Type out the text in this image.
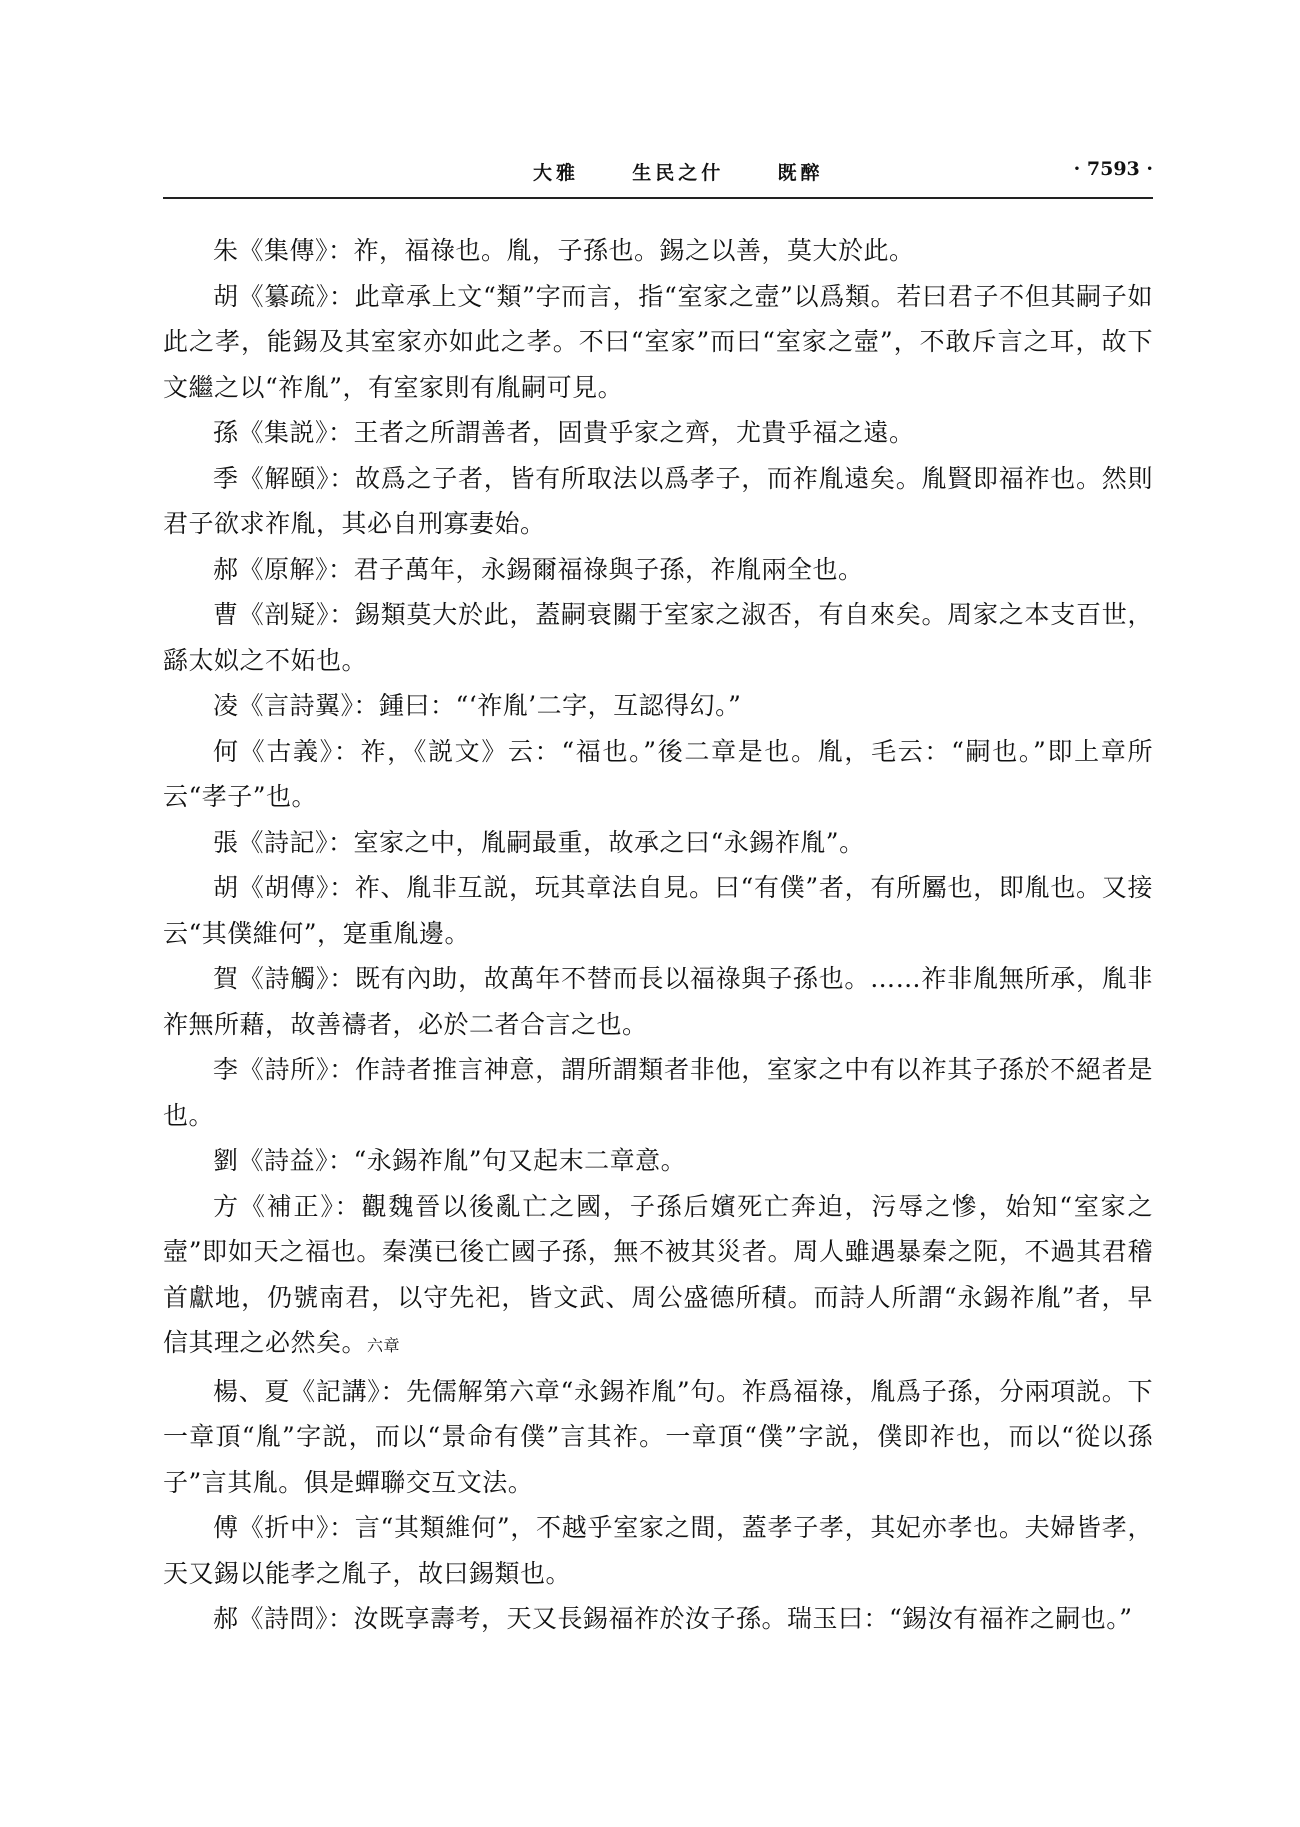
大雅  生民之什  既醉	· 7593 ·

朱《集傳》：祚，福祿也。胤，子孫也。錫之以善，莫大於此。

胡《纂疏》：此章承上文“類”字而言，指“室家之壼”以爲類。若曰君子不但其嗣子如此之孝，能錫及其室家亦如此之孝。不曰“室家”而曰“室家之壼”，不敢斥言之耳，故下文繼之以“祚胤”，有室家則有胤嗣可見。

孫《集説》：王者之所謂善者，固貴乎家之齊，尤貴乎福之遠。

季《解頤》：故爲之子者，皆有所取法以爲孝子，而祚胤遠矣。胤賢即福祚也。然則君子欲求祚胤，其必自刑寡妻始。

郝《原解》：君子萬年，永錫爾福祿與子孫，祚胤兩全也。

曹《剖疑》：錫類莫大於此，蓋嗣衰關于室家之淑否，有自來矣。周家之本支百世，繇太姒之不妬也。

凌《言詩翼》：鍾曰：“‘祚胤’二字，互認得幻。”

何《古義》：祚，《説文》云：“福也。”後二章是也。胤，毛云：“嗣也。”即上章所云“孝子”也。

張《詩記》：室家之中，胤嗣最重，故承之曰“永錫祚胤”。

胡《胡傳》：祚、胤非互説，玩其章法自見。曰“有僕”者，有所屬也，即胤也。又接云“其僕維何”，寔重胤邊。

賀《詩觸》：既有內助，故萬年不替而長以福祿與子孫也。……祚非胤無所承，胤非祚無所藉，故善禱者，必於二者合言之也。

李《詩所》：作詩者推言神意，謂所謂類者非他，室家之中有以祚其子孫於不絕者是也。

劉《詩益》：“永錫祚胤”句又起末二章意。

方《補正》：觀魏晉以後亂亡之國，子孫后嬪死亡奔迫，污辱之慘，始知“室家之壼”即如天之福也。秦漢已後亡國子孫，無不被其災者。周人雖遇暴秦之阨，不過其君稽首獻地，仍號南君，以守先祀，皆文武、周公盛德所積。而詩人所謂“永錫祚胤”者，早信其理之必然矣。六章

楊、夏《記講》：先儒解第六章“永錫祚胤”句。祚爲福祿，胤爲子孫，分兩項説。下一章頂“胤”字説，而以“景命有僕”言其祚。一章頂“僕”字説，僕即祚也，而以“從以孫子”言其胤。俱是蟬聯交互文法。

傅《折中》：言“其類維何”，不越乎室家之間，蓋孝子孝，其妃亦孝也。夫婦皆孝，天又錫以能孝之胤子，故曰錫類也。

郝《詩問》：汝既享壽考，天又長錫福祚於汝子孫。瑞玉曰：“錫汝有福祚之嗣也。”
